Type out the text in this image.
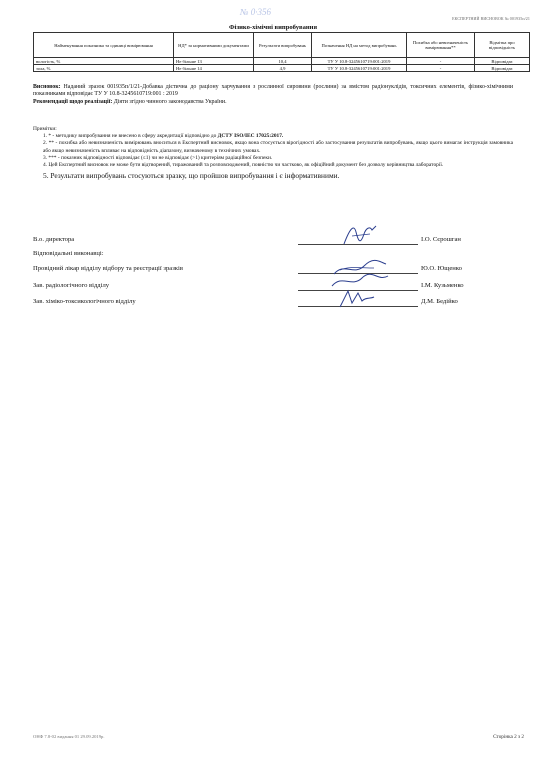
№ 0·356
ЕКСПЕРТНИЙ ВИСНОВОК № 001935п/21
Фізико-хімічні випробування
Найменування показника та одиниці вимірювання	НД* за нормативними документами	Результати випробувань	Позначення НД на метод випробувань	Похибка або невизначеність вимірювання**	Відмітка про відповідність
вологість, %	Не більше 13	10,4	ТУ У 10.8-3245610719:001:2019	-	Відповідає
зола, %	Не більше 14	4,9	ТУ У 10.8-3245610719:001:2019	-	Відповідає
Висновок: Наданий зразок 001935п/1/21-Добавка дієтична до раціону харчування з рослинної сировини (рослини) за вмістом радіонуклідів, токсичних елементів, фізико-хімічними показниками відповідає ТУ У 10.8-3245610719:001 : 2019
Рекомендації щодо реалізації: Діяти згідно чинного законодавства України.

Примітки:

1. * - методику випробування не внесено в сферу акредитації відповідно до ДСТУ ISO/IEC 17025:2017.

2. ** - похибка або невизначеність вимірювань вноситься в Експертний висновок, якщо вона стосується вірогідності або застосування результатів випробувань, якщо цього вимагає інструкція замовника або якщо невизначеність впливає на відповідність діапазону, визначеному в технічних умовах.

3. *** - показник відповідності відповідає (≤1) чи не відповідає (>1) критеріям радіаційної безпеки.

4. Цей Експертний висновок не може бути відтворений, тиражований та розповсюджений, повністю чи частково, як офіційний документ без дозволу керівництва лабораторії.

5. Результати випробувань стосуються зразку, що пройшов випробування і є інформативними.

В.о. директора	І.О. Сєрошган
Відповідальні виконавці:
Провідний лікар відділу відбору та реєстрації зразків	Ю.О. Ющенко
Зав. радіологічного відділу	І.М. Кузьменко
Зав. хіміко-токсикологічного відділу	Д.М. Бедійко
ОНФ 7.8-02 видання 01 29.09.2019р.	Сторінка 2 з 2
